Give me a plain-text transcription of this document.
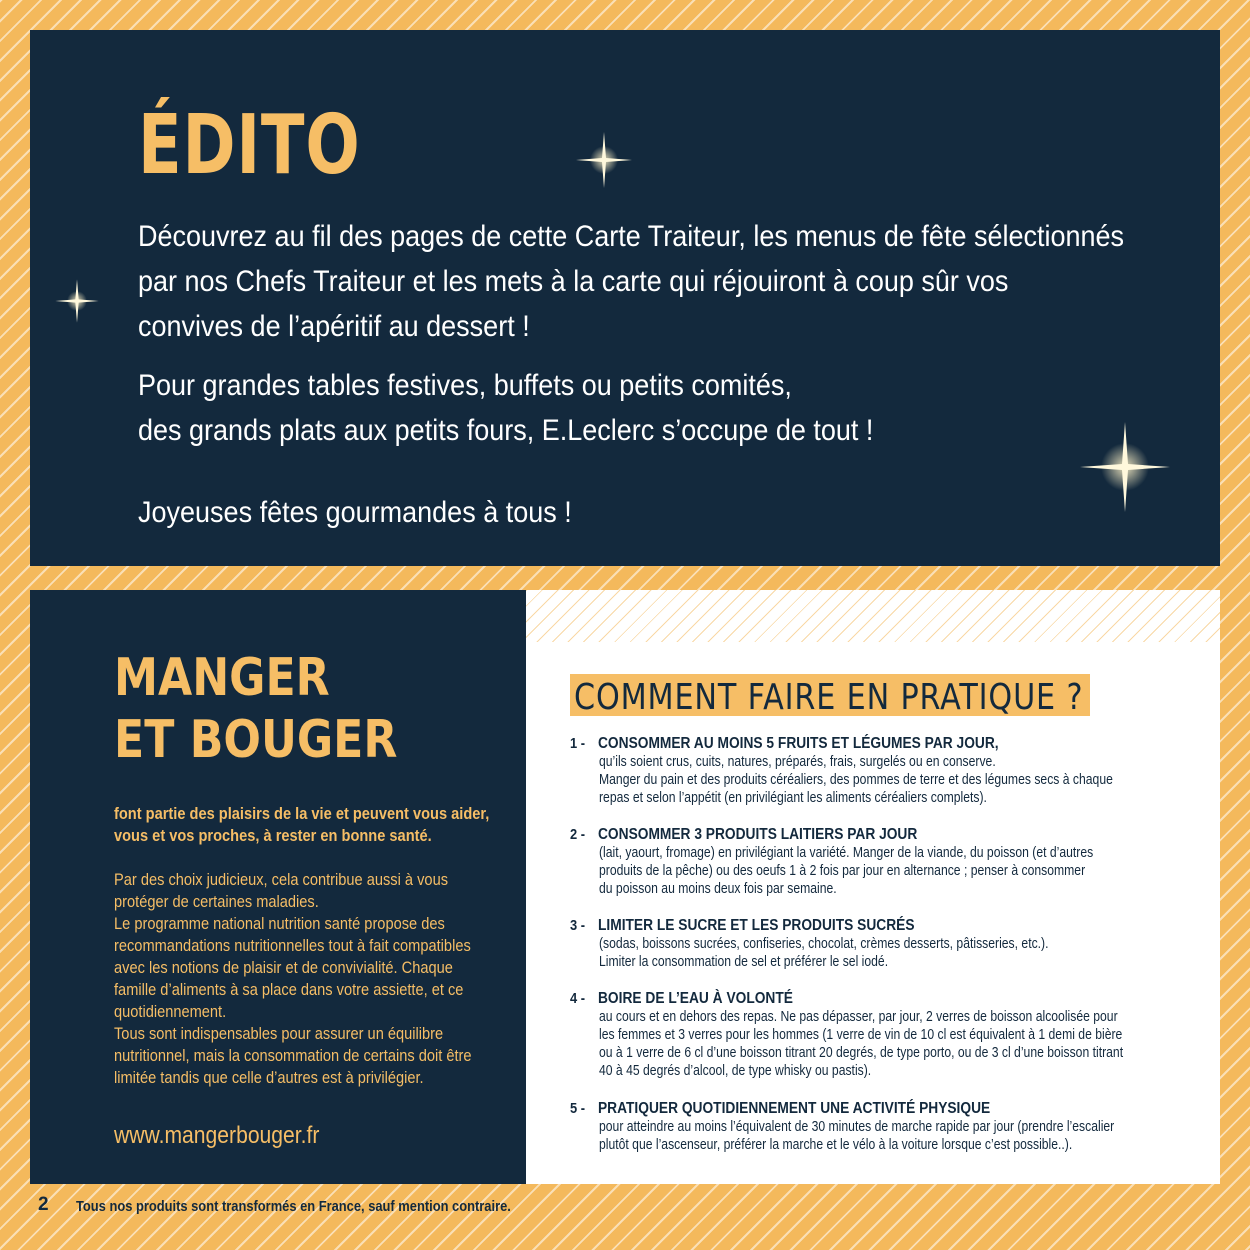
ÉDITO
Découvrez au fil des pages de cette Carte Traiteur, les menus de fête sélectionnés
par nos Chefs Traiteur et les mets à la carte qui réjouiront à coup sûr vos
convives de l’apéritif au dessert !
Pour grandes tables festives, buffets ou petits comités,
des grands plats aux petits fours, E.Leclerc s’occupe de tout !
Joyeuses fêtes gourmandes à tous !
MANGER
ET BOUGER
font partie des plaisirs de la vie et peuvent vous aider,
vous et vos proches, à rester en bonne santé.
Par des choix judicieux, cela contribue aussi à vous
protéger de certaines maladies.
Le programme national nutrition santé propose des
recommandations nutritionnelles tout à fait compatibles
avec les notions de plaisir et de convivialité. Chaque
famille d’aliments à sa place dans votre assiette, et ce
quotidiennement.
Tous sont indispensables pour assurer un équilibre
nutritionnel, mais la consommation de certains doit être
limitée tandis que celle d’autres est à privilégier.
www.mangerbouger.fr
COMMENT FAIRE EN PRATIQUE ?
1 - CONSOMMER AU MOINS 5 FRUITS ET LÉGUMES PAR JOUR,
qu’ils soient crus, cuits, natures, préparés, frais, surgelés ou en conserve.
Manger du pain et des produits céréaliers, des pommes de terre et des légumes secs à chaque
repas et selon l’appétit (en privilégiant les aliments céréaliers complets).
2 - CONSOMMER 3 PRODUITS LAITIERS PAR JOUR
(lait, yaourt, fromage) en privilégiant la variété. Manger de la viande, du poisson (et d’autres
produits de la pêche) ou des oeufs 1 à 2 fois par jour en alternance ; penser à consommer
du poisson au moins deux fois par semaine.
3 - LIMITER LE SUCRE ET LES PRODUITS SUCRÉS
(sodas, boissons sucrées, confiseries, chocolat, crèmes desserts, pâtisseries, etc.).
Limiter la consommation de sel et préférer le sel iodé.
4 - BOIRE DE L’EAU À VOLONTÉ
au cours et en dehors des repas. Ne pas dépasser, par jour, 2 verres de boisson alcoolisée pour
les femmes et 3 verres pour les hommes (1 verre de vin de 10 cl est équivalent à 1 demi de bière
ou à 1 verre de 6 cl d’une boisson titrant 20 degrés, de type porto, ou de 3 cl d’une boisson titrant
40 à 45 degrés d’alcool, de type whisky ou pastis).
5 - PRATIQUER QUOTIDIENNEMENT UNE ACTIVITÉ PHYSIQUE
pour atteindre au moins l’équivalent de 30 minutes de marche rapide par jour (prendre l’escalier
plutôt que l’ascenseur, préférer la marche et le vélo à la voiture lorsque c’est possible..).
2 Tous nos produits sont transformés en France, sauf mention contraire.
